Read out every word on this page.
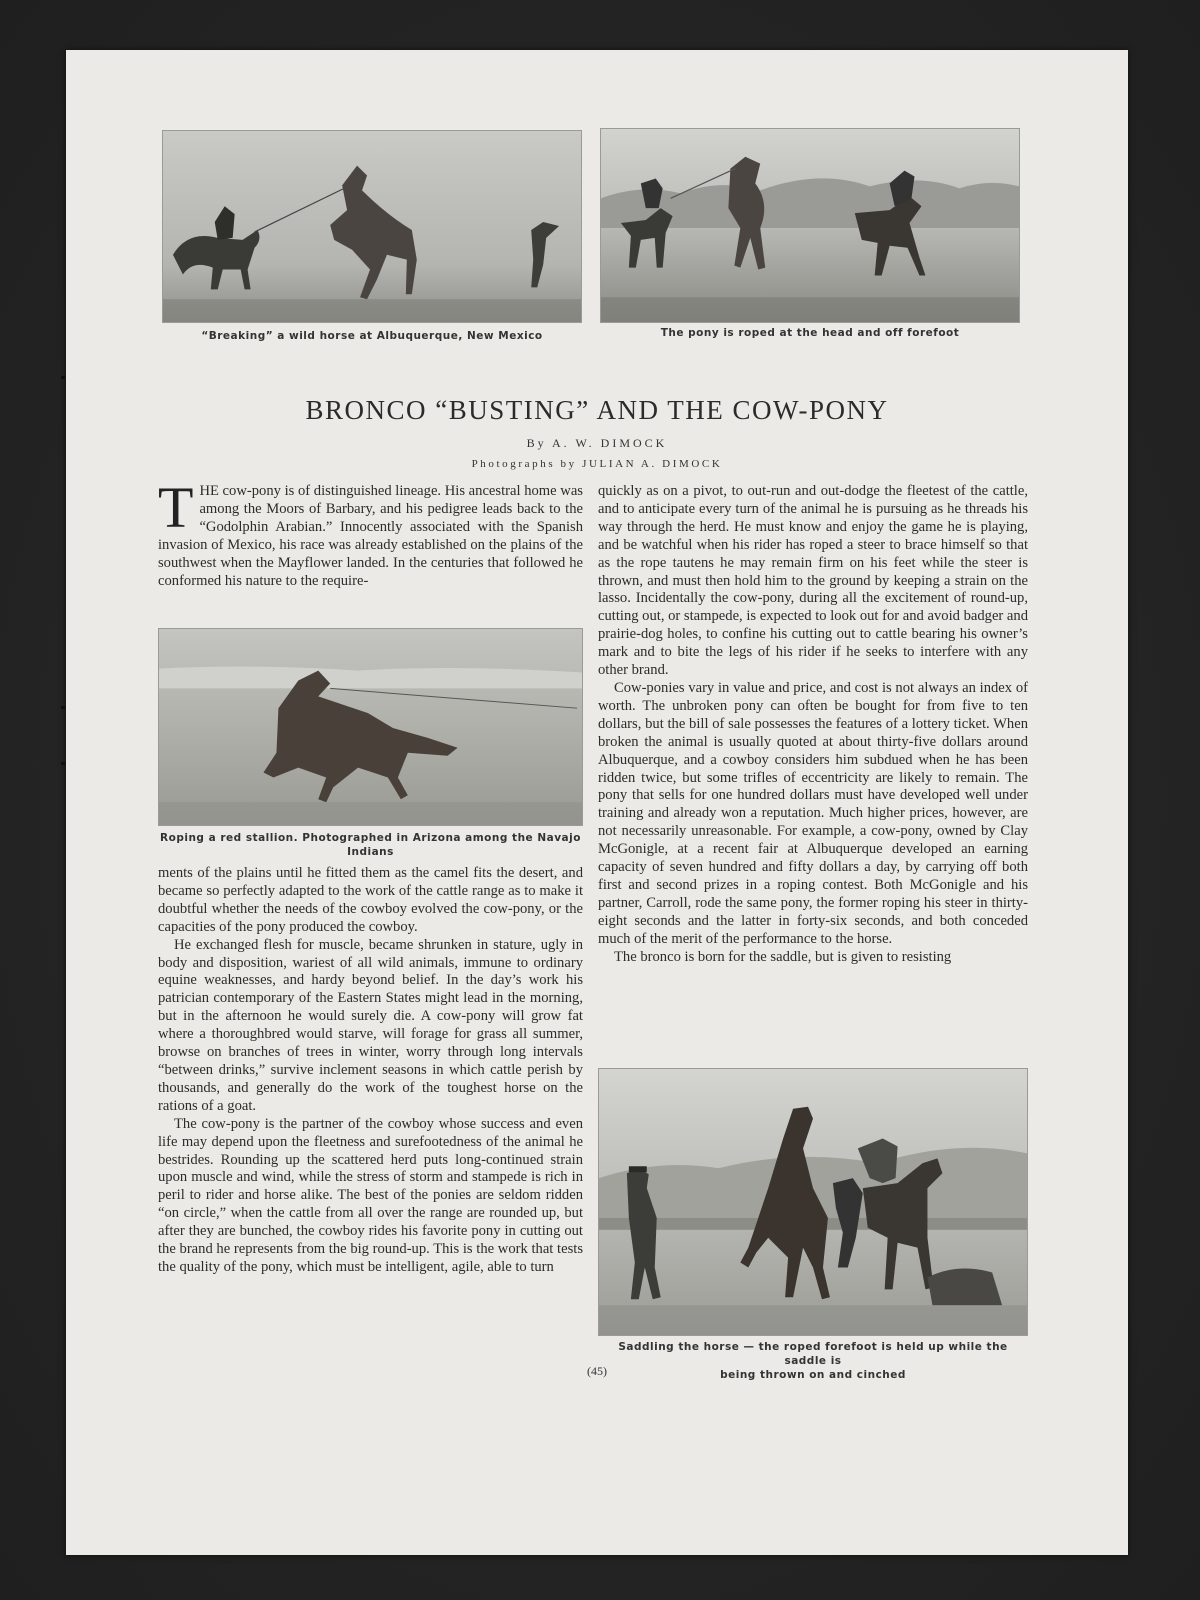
“Breaking” a wild horse at Albuquerque, New Mexico	The pony is roped at the head and off forefoot
BRONCO “BUSTING” AND THE COW-PONY
By A. W. DIMOCK
Photographs by JULIAN A. DIMOCK

THE cow-pony is of distinguished lineage. His ancestral home was among the Moors of Barbary, and his pedigree leads back to the “Godolphin Arabian.” Innocently associated with the Spanish invasion of Mexico, his race was already established on the plains of the southwest when the Mayflower landed. In the centuries that followed he conformed his nature to the require-

Roping a red stallion. Photographed in Arizona among the Navajo Indians

ments of the plains until he fitted them as the camel fits the desert, and became so perfectly adapted to the work of the cattle range as to make it doubtful whether the needs of the cowboy evolved the cow-pony, or the capacities of the pony produced the cowboy.

He exchanged flesh for muscle, became shrunken in stature, ugly in body and disposition, wariest of all wild animals, immune to ordinary equine weaknesses, and hardy beyond belief. In the day’s work his patrician contemporary of the Eastern States might lead in the morning, but in the afternoon he would surely die. A cow-pony will grow fat where a thoroughbred would starve, will forage for grass all summer, browse on branches of trees in winter, worry through long intervals “between drinks,” survive inclement seasons in which cattle perish by thousands, and generally do the work of the toughest horse on the rations of a goat.

The cow-pony is the partner of the cowboy whose success and even life may depend upon the fleetness and surefootedness of the animal he bestrides. Rounding up the scattered herd puts long-continued strain upon muscle and wind, while the stress of storm and stampede is rich in peril to rider and horse alike. The best of the ponies are seldom ridden “on circle,” when the cattle from all over the range are rounded up, but after they are bunched, the cowboy rides his favorite pony in cutting out the brand he represents from the big round-up. This is the work that tests the quality of the pony, which must be intelligent, agile, able to turn

quickly as on a pivot, to out-run and out-dodge the fleetest of the cattle, and to anticipate every turn of the animal he is pursuing as he threads his way through the herd. He must know and enjoy the game he is playing, and be watchful when his rider has roped a steer to brace himself so that as the rope tautens he may remain firm on his feet while the steer is thrown, and must then hold him to the ground by keeping a strain on the lasso. Incidentally the cow-pony, during all the excitement of round-up, cutting out, or stampede, is expected to look out for and avoid badger and prairie-dog holes, to confine his cutting out to cattle bearing his owner’s mark and to bite the legs of his rider if he seeks to interfere with any other brand.

Cow-ponies vary in value and price, and cost is not always an index of worth. The unbroken pony can often be bought for from five to ten dollars, but the bill of sale possesses the features of a lottery ticket. When broken the animal is usually quoted at about thirty-five dollars around Albuquerque, and a cowboy considers him subdued when he has been ridden twice, but some trifles of eccentricity are likely to remain. The pony that sells for one hundred dollars must have developed well under training and already won a reputation. Much higher prices, however, are not necessarily unreasonable. For example, a cow-pony, owned by Clay McGonigle, at a recent fair at Albuquerque developed an earning capacity of seven hundred and fifty dollars a day, by carrying off both first and second prizes in a roping contest. Both McGonigle and his partner, Carroll, rode the same pony, the former roping his steer in thirty-eight seconds and the latter in forty-six seconds, and both conceded much of the merit of the performance to the horse.

The bronco is born for the saddle, but is given to resisting

Saddling the horse — the roped forefoot is held up while the saddle is
being thrown on and cinched
(45)
